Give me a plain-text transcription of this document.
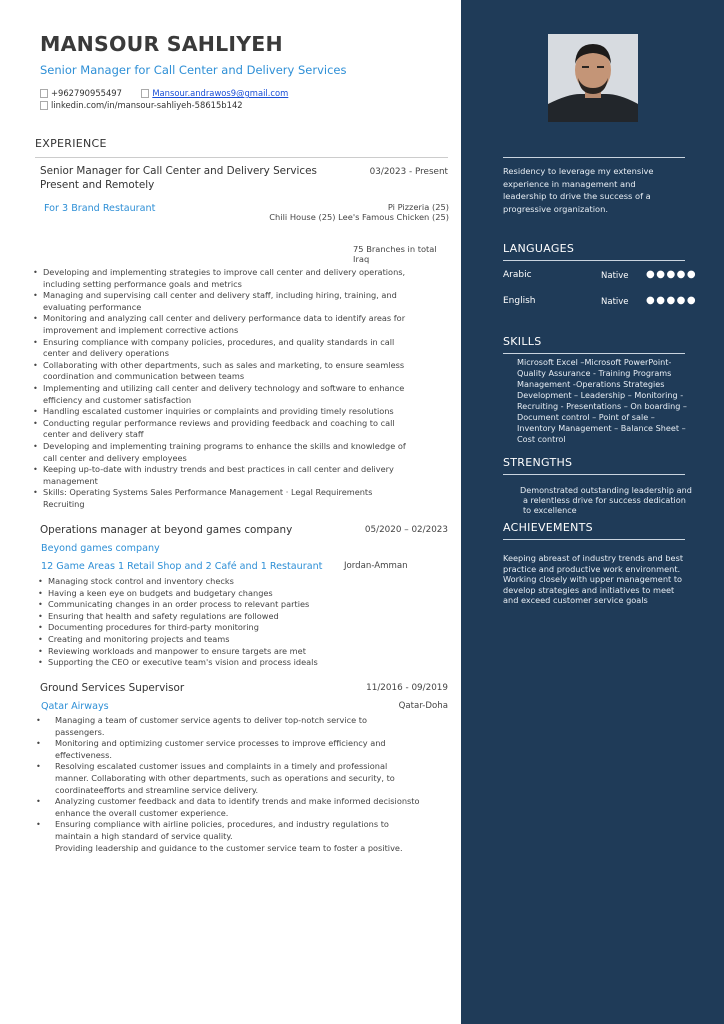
MANSOUR SAHLIYEH
Senior Manager for Call Center and Delivery Services
+962790955497	Mansour.andrawos9@gmail.com
linkedin.com/in/mansour-sahliyeh-58615b142
EXPERIENCE
Senior Manager for Call Center and Delivery Services
Present and Remotely
03/2023 - Present
For 3 Brand Restaurant	Pi Pizzeria (25)
Chili House (25) Lee's Famous Chicken (25)
75 Branches in total
Iraq
• Developing and implementing strategies to improve call center and delivery operations,
including setting performance goals and metrics
• Managing and supervising call center and delivery staff, including hiring, training, and
evaluating performance
• Monitoring and analyzing call center and delivery performance data to identify areas for
improvement and implement corrective actions
• Ensuring compliance with company policies, procedures, and quality standards in call
center and delivery operations
• Collaborating with other departments, such as sales and marketing, to ensure seamless
coordination and communication between teams
• Implementing and utilizing call center and delivery technology and software to enhance
efficiency and customer satisfaction
• Handling escalated customer inquiries or complaints and providing timely resolutions
• Conducting regular performance reviews and providing feedback and coaching to call
center and delivery staff
• Developing and implementing training programs to enhance the skills and knowledge of
call center and delivery employees
• Keeping up-to-date with industry trends and best practices in call center and delivery
management
• Skills: Operating Systems Sales Performance Management · Legal Requirements
Recruiting
Operations manager at beyond games company	05/2020 – 02/2023
Beyond games company
12 Game Areas 1 Retail Shop and 2 Café and 1 Restaurant	Jordan-Amman
• Managing stock control and inventory checks
• Having a keen eye on budgets and budgetary changes
• Communicating changes in an order process to relevant parties
• Ensuring that health and safety regulations are followed
• Documenting procedures for third-party monitoring
• Creating and monitoring projects and teams
• Reviewing workloads and manpower to ensure targets are met
• Supporting the CEO or executive team's vision and process ideals
Ground Services Supervisor	11/2016 - 09/2019
Qatar Airways	Qatar-Doha
• Managing a team of customer service agents to deliver top-notch service to
passengers.
• Monitoring and optimizing customer service processes to improve efficiency and
effectiveness.
• Resolving escalated customer issues and complaints in a timely and professional
manner. Collaborating with other departments, such as operations and security, to
coordinateefforts and streamline service delivery.
• Analyzing customer feedback and data to identify trends and make informed decisionsto
enhance the overall customer experience.
• Ensuring compliance with airline policies, procedures, and industry regulations to
maintain a high standard of service quality.
Providing leadership and guidance to the customer service team to foster a positive.
Residency to leverage my extensive
experience in management and
leadership to drive the success of a
progressive organization.
LANGUAGES
Arabic	Native ●●●●●
English	Native ●●●●●
SKILLS
Microsoft Excel –Microsoft PowerPoint-
Quality Assurance - Training Programs
Management -Operations Strategies
Development – Leadership – Monitoring -
Recruiting - Presentations – On boarding –
Document control – Point of sale –
Inventory Management – Balance Sheet –
Cost control
STRENGTHS
Demonstrated outstanding leadership and
a relentless drive for success dedication
to excellence
ACHIEVEMENTS
Keeping abreast of industry trends and best
practice and productive work environment.
Working closely with upper management to
develop strategies and initiatives to meet
and exceed customer service goals
